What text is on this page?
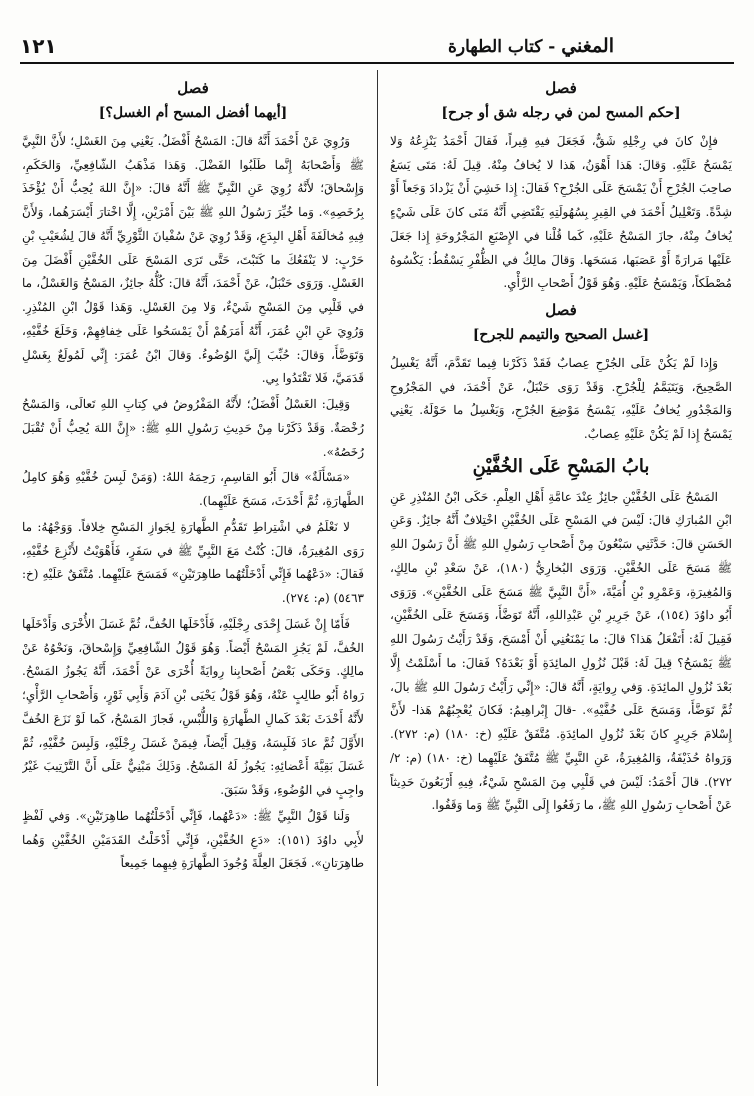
المغني - كتاب الطهارة
١٢١
فصل
[حكم المسح لمن في رجله شق أو جرح]

فإِنْ كانَ في رِجْلِهِ شَقٌّ، فَجَعَلَ فيهِ قِيراً، فَقالَ أَحْمَدُ يَنْزِعُهُ وَلا يَمْسَحُ عَلَيْهِ. وَقالَ: هَذا أَهْوَنُ، هَذا لا يُخافُ مِنْهُ. قِيلَ لَهُ: مَتَى يَسَعُ صاحِبَ الجُرْحِ أَنْ يَمْسَحَ عَلَى الجُرْحِ؟ فَقالَ: إِذا خَشِيَ أَنْ يَزْدادَ وَجَعاً أَوْ شِدَّةً. وَتَعْلِيلُ أَحْمَدَ في القِيرِ بِسُهُولَتِهِ يَقْتَضِي أَنَّهُ مَتَى كانَ عَلَى شَيْءٍ يُخافُ مِنْهُ، جازَ المَسْحُ عَلَيْهِ، كَما قُلْنا في الإِصْبَعِ المَجْرُوحَةِ إِذا جَعَلَ عَلَيْها مَرارَةً أَوْ عَصَبَها، مَسَحَها. وَقالَ مالِكٌ في الظُّفْرِ يَسْقُطُ: يَكْسُوهُ مُصْطَكاً، وَيَمْسَحُ عَلَيْهِ. وَهُوَ قَوْلُ أَصْحابِ الرَّأْيِ.

فصل
[غسل الصحيح والتيمم للجرح]

وَإِذا لَمْ يَكُنْ عَلَى الجُرْحِ عِصابٌ فَقَدْ ذَكَرْنا فِيما تَقَدَّمَ، أَنَّهُ يَغْسِلُ الصَّحِيحَ، وَيَتَيَمَّمُ لِلْجُرْحِ. وَقَدْ رَوَى حَنْبَلٌ، عَنْ أَحْمَدَ، في المَجْرُوحِ وَالمَجْدُورِ يُخافُ عَلَيْهِ، يَمْسَحُ مَوْضِعَ الجُرْحِ، وَيَغْسِلُ ما حَوْلَهُ. يَعْنِي يَمْسَحُ إِذا لَمْ يَكُنْ عَلَيْهِ عِصابٌ.

بابُ المَسْحِ عَلَى الخُفَّيْنِ

المَسْحُ عَلَى الخُفَّيْنِ جائِزٌ عِنْدَ عامَّةِ أَهْلِ العِلْمِ. حَكَى ابْنُ المُنْذِرِ عَنِ ابْنِ المُبارَكِ قالَ: لَيْسَ في المَسْحِ عَلَى الخُفَّيْنِ اخْتِلافٌ أَنَّهُ جائِزٌ. وَعَنِ الحَسَنِ قالَ: حَدَّثَنِي سَبْعُونَ مِنْ أَصْحابِ رَسُولِ اللهِ ﷺ أَنَّ رَسُولَ اللهِ ﷺ مَسَحَ عَلَى الخُفَّيْنِ. وَرَوَى البُخارِيُّ (١٨٠)، عَنْ سَعْدِ بْنِ مالِكٍ، وَالمُغِيرَةِ، وَعَمْرِو بْنِ أُمَيَّةَ، «أَنَّ النَّبِيَّ ﷺ مَسَحَ عَلَى الخُفَّيْنِ». وَرَوَى أَبُو داوُدَ (١٥٤)، عَنْ جَرِيرِ بْنِ عَبْدِاللهِ، أَنَّهُ تَوَضَّأَ، وَمَسَحَ عَلَى الخُفَّيْنِ، فَقِيلَ لَهُ: أَتَفْعَلُ هَذا؟ قالَ: ما يَمْنَعُنِي أَنْ أَمْسَحَ، وَقَدْ رَأَيْتُ رَسُولَ اللهِ ﷺ يَمْسَحُ؟ قِيلَ لَهُ: قَبْلَ نُزُولِ المائِدَةِ أَوْ بَعْدَهُ؟ فَقالَ: ما أَسْلَمْتُ إِلَّا بَعْدَ نُزُولِ المائِدَةِ. وَفي رِوايَةٍ، أَنَّهُ قالَ: «إِنِّي رَأَيْتُ رَسُولَ اللهِ ﷺ بالَ، ثُمَّ تَوَضَّأَ، وَمَسَحَ عَلَى خُفَّيْهِ». -قالَ إِبْراهِيمُ: فَكانَ يُعْجِبُهُمْ هَذا- لأَنَّ إِسْلامَ جَرِيرٍ كانَ بَعْدَ نُزُولِ المائِدَةِ. مُتَّفَقٌ عَلَيْهِ (خ: ١٨٠) (م: ٢٧٢). وَرَواهُ حُذَيْفَةُ، وَالمُغِيرَةُ، عَنِ النَّبِيِّ ﷺ مُتَّفَقٌ عَلَيْهِما (خ: ١٨٠) (م: ٢/ ٢٧٢). قالَ أَحْمَدُ: لَيْسَ في قَلْبِي مِنَ المَسْحِ شَيْءٌ، فِيهِ أَرْبَعُونَ حَدِيثاً عَنْ أَصْحابِ رَسُولِ اللهِ ﷺ، ما رَفَعُوا إِلَى النَّبِيِّ ﷺ وَما وَقَفُوا.

فصل
[أيهما أفضل المسح أم الغسل؟]

وَرُوِيَ عَنْ أَحْمَدَ أَنَّهُ قالَ: المَسْحُ أَفْضَلُ. يَعْنِي مِنَ الغَسْلِ؛ لأَنَّ النَّبِيَّ ﷺ وَأَصْحابَهُ إِنَّما طَلَبُوا الفَضْلَ. وَهَذا مَذْهَبُ الشّافِعِيِّ، وَالحَكَمِ، وَإِسْحاقَ؛ لأَنَّهُ رُوِيَ عَنِ النَّبِيِّ ﷺ أَنَّهُ قالَ: «إِنَّ اللهَ يُحِبُّ أَنْ يُؤْخَذَ بِرُخَصِهِ». وَما خُيِّرَ رَسُولُ اللهِ ﷺ بَيْنَ أَمْرَيْنِ، إِلَّا اخْتارَ أَيْسَرَهُما، وَلأَنَّ فِيهِ مُخالَفَةَ أَهْلِ البِدَعِ، وَقَدْ رُوِيَ عَنْ سُفْيانَ الثَّوْرِيِّ أَنَّهُ قالَ لِشُعَيْبِ بْنِ حَرْبٍ: لا يَنْفَعُكَ ما كَتَبْتَ، حَتَّى تَرَى المَسْحَ عَلَى الخُفَّيْنِ أَفْضَلَ مِنَ الغَسْلِ. وَرَوَى حَنْبَلٌ، عَنْ أَحْمَدَ، أَنَّهُ قالَ: كُلُّهُ جائِزٌ، المَسْحُ وَالغَسْلُ، ما في قَلْبِي مِنَ المَسْحِ شَيْءٌ، وَلا مِنَ الغَسْلِ. وَهَذا قَوْلُ ابْنِ المُنْذِرِ. وَرُوِيَ عَنِ ابْنِ عُمَرَ، أَنَّهُ أَمَرَهُمْ أَنْ يَمْسَحُوا عَلَى خِفافِهِمْ، وَخَلَعَ خُفَّيْهِ، وَتَوَضَّأَ، وَقالَ: حُبِّبَ إِلَيَّ الوُضُوءُ. وَقالَ ابْنُ عُمَرَ: إِنِّي لَمُولَعٌ بِغَسْلِ قَدَمَيَّ، فَلا تَقْتَدُوا بِي.

وَقِيلَ: الغَسْلُ أَفْضَلُ؛ لأَنَّهُ المَفْرُوضُ في كِتابِ اللهِ تَعالَى، وَالمَسْحُ رُخْصَةٌ. وَقَدْ ذَكَرْنا مِنْ حَدِيثِ رَسُولِ اللهِ ﷺ: «إِنَّ اللهَ يُحِبُّ أَنْ تُقْبَلَ رُخَصُهُ».

«مَسْأَلَةٌ» قالَ أَبُو القاسِمِ، رَحِمَهُ اللهُ: (وَمَنْ لَبِسَ خُفَّيْهِ وَهُوَ كامِلُ الطَّهارَةِ، ثُمَّ أَحْدَثَ، مَسَحَ عَلَيْهِما).

لا نَعْلَمُ في اشْتِراطِ تَقَدُّمِ الطَّهارَةِ لِجَوازِ المَسْحِ خِلافاً. وَوَجْهُهُ: ما رَوَى المُغِيرَةُ، قالَ: كُنْتُ مَعَ النَّبِيِّ ﷺ في سَفَرٍ، فَأَهْوَيْتُ لأَنْزِعَ خُفَّيْهِ، فَقالَ: «دَعْهُما فَإِنِّي أَدْخَلْتُهُما طاهِرَتَيْنِ» فَمَسَحَ عَلَيْهِما. مُتَّفَقٌ عَلَيْهِ (خ: ٥٤٦٣) (م: ٢٧٤).

فَأَمّا إِنْ غَسَلَ إِحْدَى رِجْلَيْهِ، فَأَدْخَلَها الخُفَّ، ثُمَّ غَسَلَ الأُخْرَى وَأَدْخَلَها الخُفَّ، لَمْ يَجُزِ المَسْحُ أَيْضاً. وَهُوَ قَوْلُ الشّافِعِيِّ وَإِسْحاقَ، وَنَحْوُهُ عَنْ مالِكٍ. وَحَكَى بَعْضُ أَصْحابِنا رِوايَةً أُخْرَى عَنْ أَحْمَدَ، أَنَّهُ يَجُوزُ المَسْحُ. رَواهُ أَبُو طالِبٍ عَنْهُ، وَهُوَ قَوْلُ يَحْيَى بْنِ آدَمَ وَأَبِي ثَوْرٍ، وَأَصْحابِ الرَّأْيِ؛ لأَنَّهُ أَحْدَثَ بَعْدَ كَمالِ الطَّهارَةِ وَاللُّبْسِ، فَجازَ المَسْحُ، كَما لَوْ نَزَعَ الخُفَّ الأَوَّلَ ثُمَّ عادَ فَلَبِسَهُ، وَقِيلَ أَيْضاً، فِيمَنْ غَسَلَ رِجْلَيْهِ، وَلَبِسَ خُفَّيْهِ، ثُمَّ غَسَلَ بَقِيَّةَ أَعْضائِهِ: يَجُوزُ لَهُ المَسْحُ. وَذَلِكَ مَبْنِيٌّ عَلَى أَنَّ التَّرْتِيبَ غَيْرُ واجِبٍ في الوُضُوءِ، وَقَدْ سَبَقَ.

وَلَنا قَوْلُ النَّبِيِّ ﷺ: «دَعْهُما، فَإِنِّي أَدْخَلْتُهُما طاهِرَتَيْنِ». وَفي لَفْظٍ لأَبِي داوُدَ (١٥١): «دَعِ الخُفَّيْنِ، فَإِنِّي أَدْخَلْتُ القَدَمَيْنِ الخُفَّيْنِ وَهُما طاهِرَتانِ». فَجَعَلَ العِلَّةَ وُجُودَ الطَّهارَةِ فِيهِما جَمِيعاً
